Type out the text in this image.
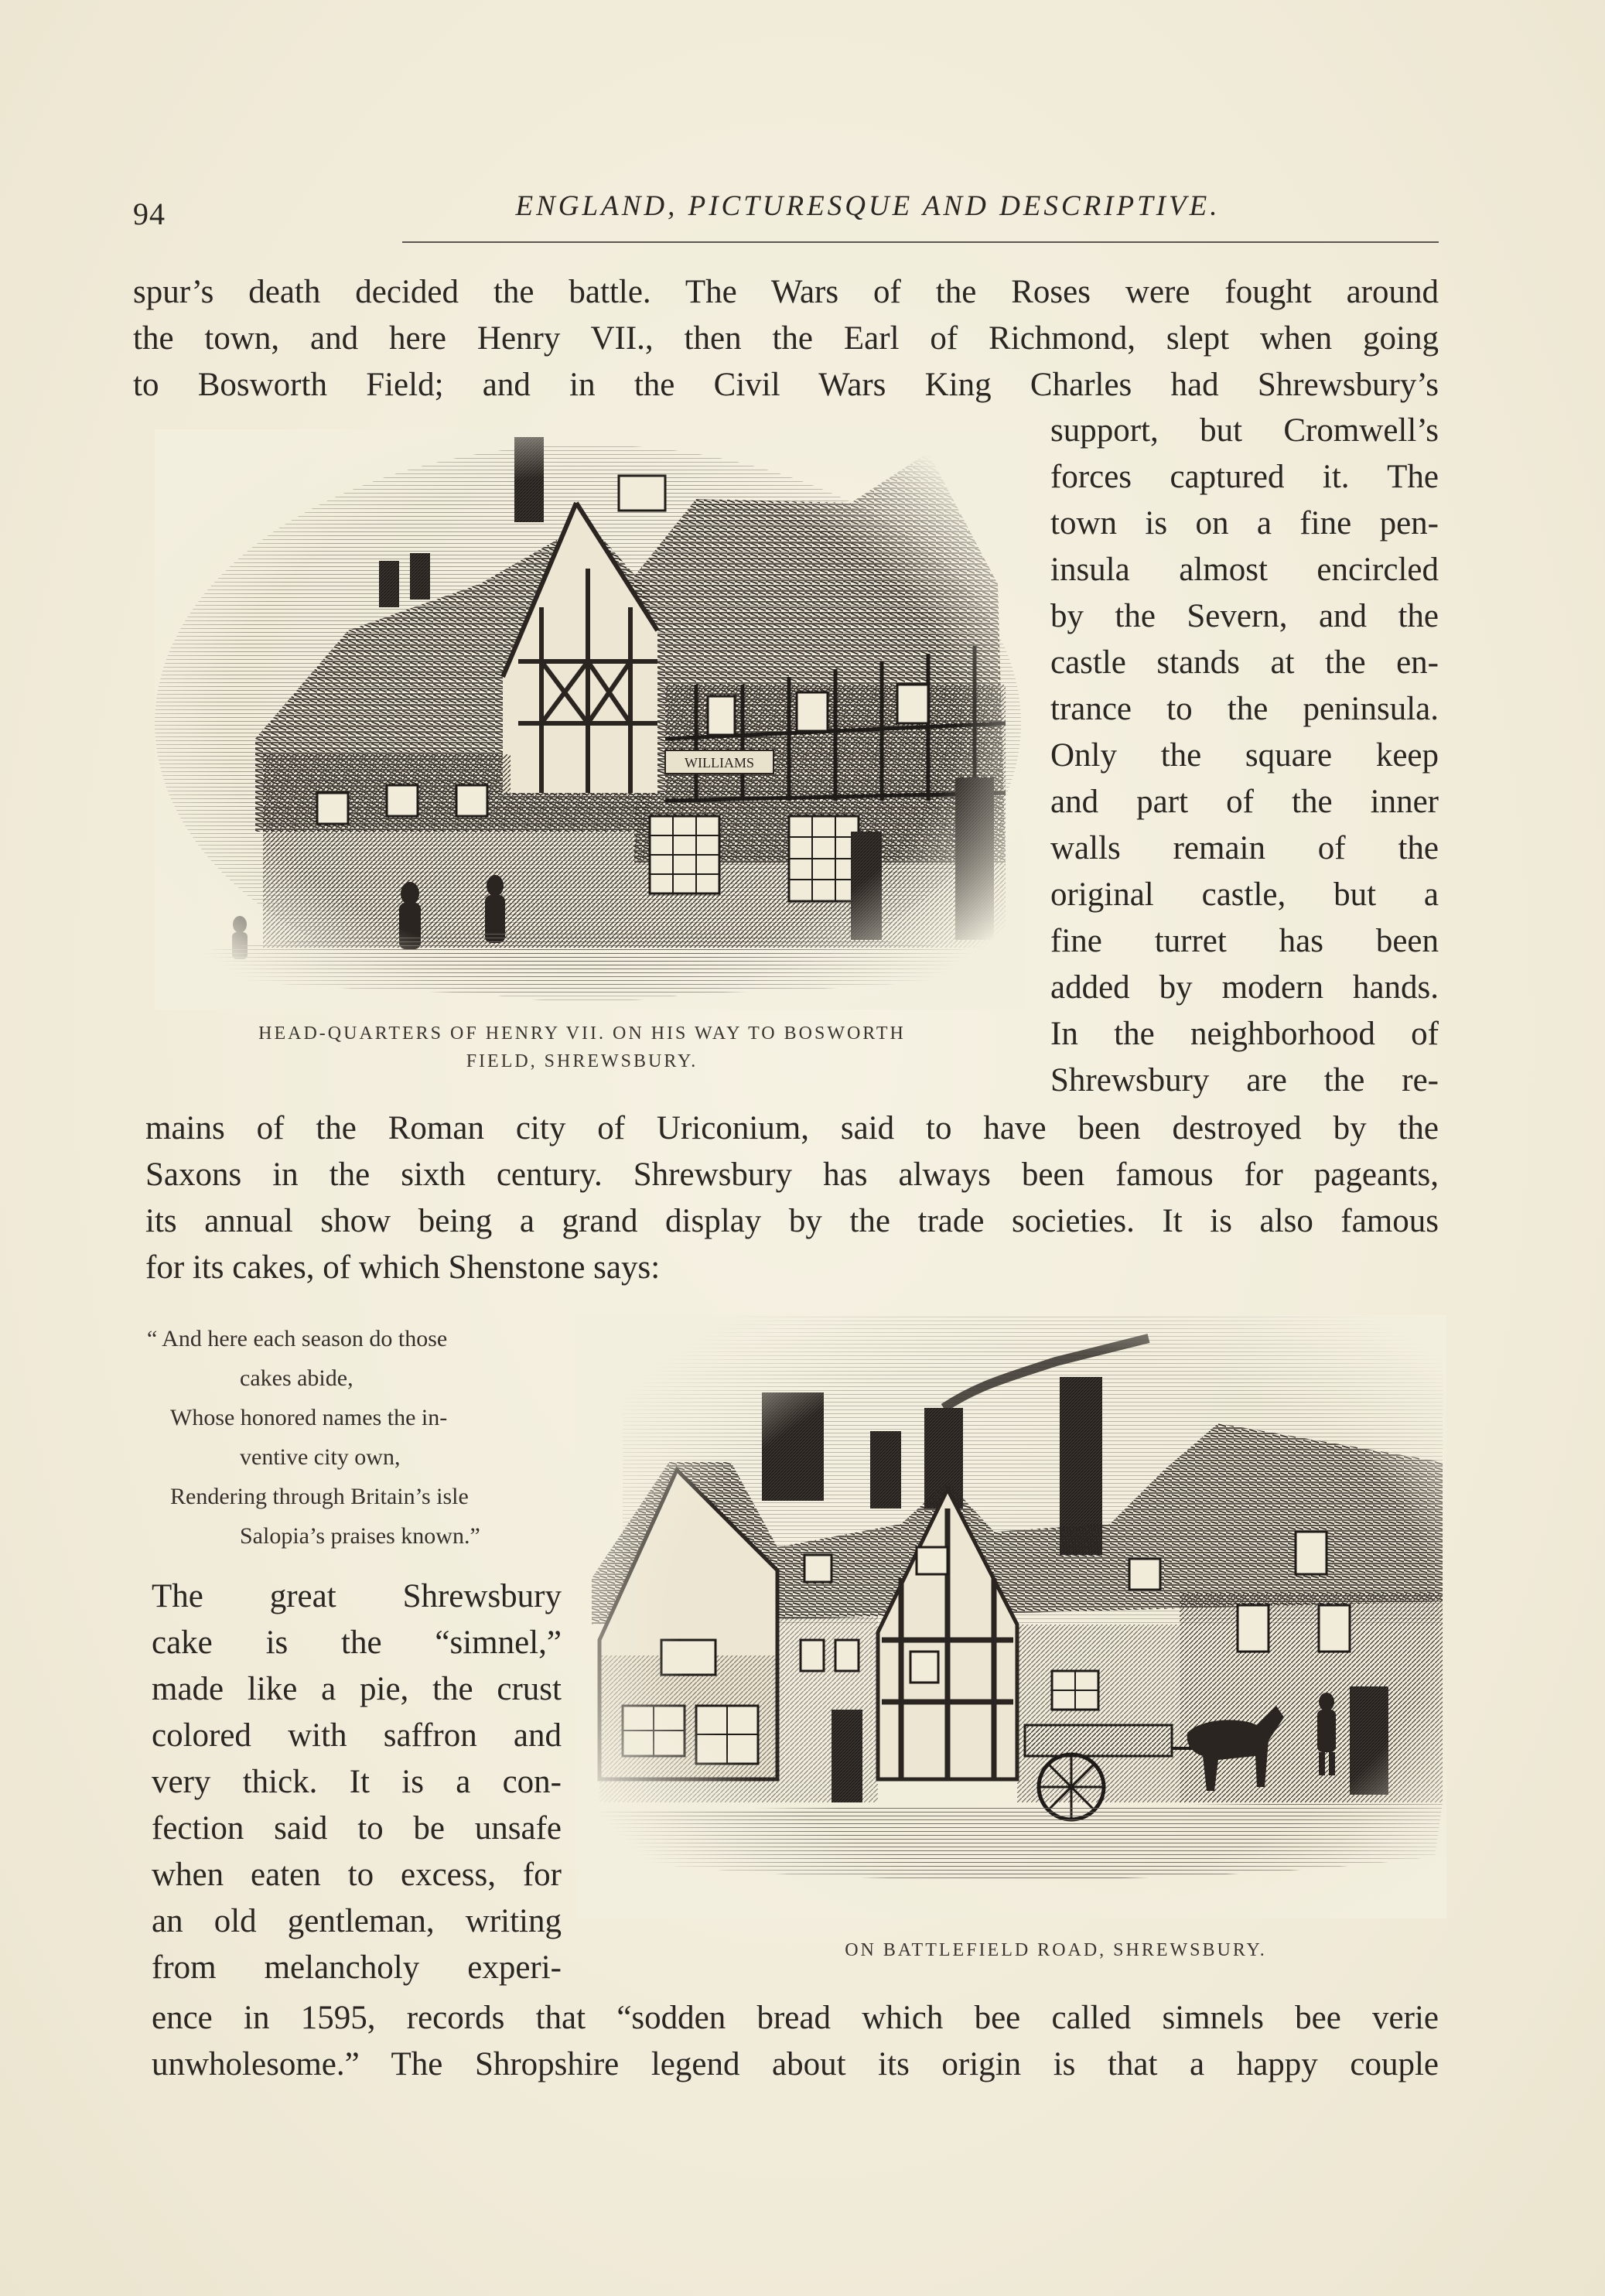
94	ENGLAND, PICTURESQUE AND DESCRIPTIVE.
spur’s death decided the battle. The Wars of the Roses were fought around
the town, and here Henry VII., then the Earl of Richmond, slept when going
to Bosworth Field; and in the Civil Wars King Charles had Shrewsbury’s
support, but Cromwell’s
forces captured it. The
town is on a fine pen-
insula almost encircled
by the Severn, and the
castle stands at the en-
trance to the peninsula.
Only the square keep
and part of the inner
walls remain of the
original castle, but a
fine turret has been
added by modern hands.
In the neighborhood of
Shrewsbury are the re-
HEAD-QUARTERS OF HENRY VII. ON HIS WAY TO BOSWORTH
FIELD, SHREWSBURY.
mains of the Roman city of Uriconium, said to have been destroyed by the
Saxons in the sixth century. Shrewsbury has always been famous for pageants,
its annual show being a grand display by the trade societies. It is also famous
for its cakes, of which Shenstone says:
“ And here each season do those
cakes abide,
Whose honored names the in-
ventive city own,
Rendering through Britain’s isle
Salopia’s praises known.”
The great Shrewsbury
cake is the “simnel,”
made like a pie, the crust
colored with saffron and
very thick. It is a con-
fection said to be unsafe
when eaten to excess, for
an old gentleman, writing
from melancholy experi-	ON BATTLEFIELD ROAD, SHREWSBURY.
ence in 1595, records that “sodden bread which bee called simnels bee verie
unwholesome.” The Shropshire legend about its origin is that a happy couple
